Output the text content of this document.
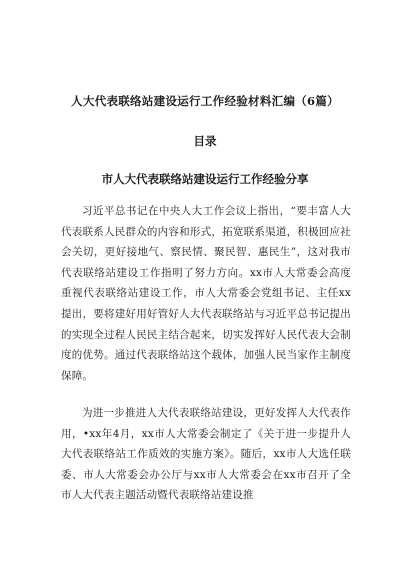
人大代表联络站建设运行工作经验材料汇编（6篇）
目录
市人大代表联络站建设运行工作经验分享

习近平总书记在中央人大工作会议上指出，“要丰富人大代表联系人民群众的内容和形式，拓宽联系渠道，积极回应社会关切，更好接地气、察民情、聚民智、惠民生”，这对我市代表联络站建设工作指明了努力方向。xx市人大常委会高度重视代表联络站建设工作，市人大常委会党组书记、主任xx提出，要将建好用好管好人大代表联络站与习近平总书记提出的实现全过程人民民主结合起来，切实发挥好人民代表大会制度的优势。通过代表联络站这个载体，加强人民当家作主制度保障。

为进一步推进人大代表联络站建设，更好发挥人大代表作用，•xx年4月，xx市人大常委会制定了《关于进一步提升人大代表联络站工作质效的实施方案》。随后，xx市人大选任联委、市人大常委会办公厅与xx市人大常委会在xx市召开了全市人大代表主题活动暨代表联络站建设推
